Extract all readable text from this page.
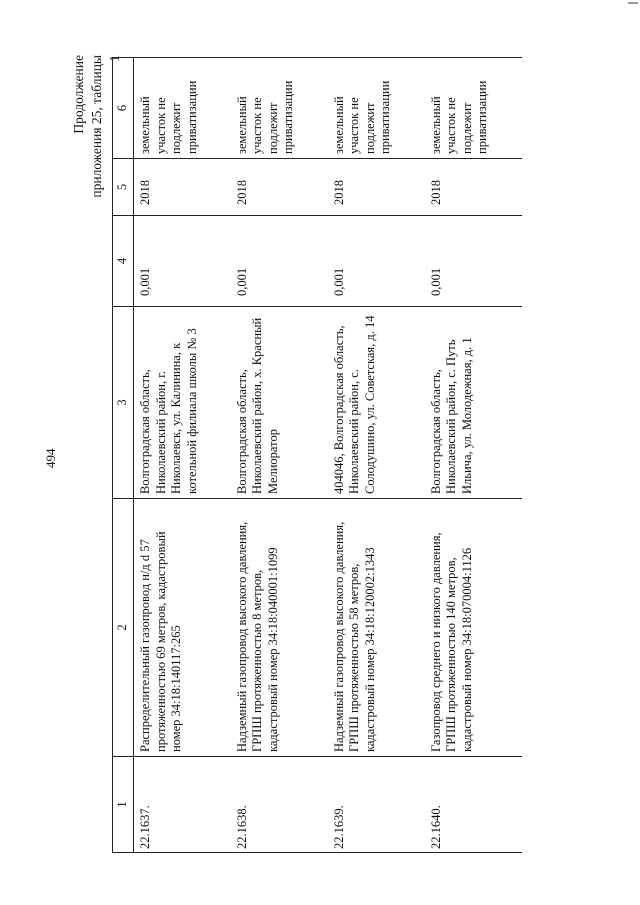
494
Продолжение приложения 25, таблицы 1
1	2	3	4	5	6
22.1637.	Распределительный газопровод н/д d 57 протяженностью 69 метров, кадастровый номер 34:18:140117:265	Волгоградская область, Николаевский район, г. Николаевск, ул. Калинина, к котельной филиала школы № 3	0,001	2018	земельный участок не подлежит приватизации
22.1638.	Надземный газопровод высокого давления, ГРПШ протяженностью 8 метров, кадастровый номер 34:18:040001:1099	Волгоградская область, Николаевский район, х. Красный Мелиоратор	0,001	2018	земельный участок не подлежит приватизации
22.1639.	Надземный газопровод высокого давления, ГРПШ протяженностью 58 метров, кадастровый номер 34:18:120002:1343	404046, Волгоградская область, Николаевский район, с. Солодушино, ул. Советская, д. 14	0,001	2018	земельный участок не подлежит приватизации
22.1640.	Газопровод среднего и низкого давления, ГРПШ протяженностью 140 метров, кадастровый номер 34:18:070004:1126	Волгоградская область, Николаевский район, с. Путь Ильича, ул. Молодежная, д. 1	0,001	2018	земельный участок не подлежит приватизации
